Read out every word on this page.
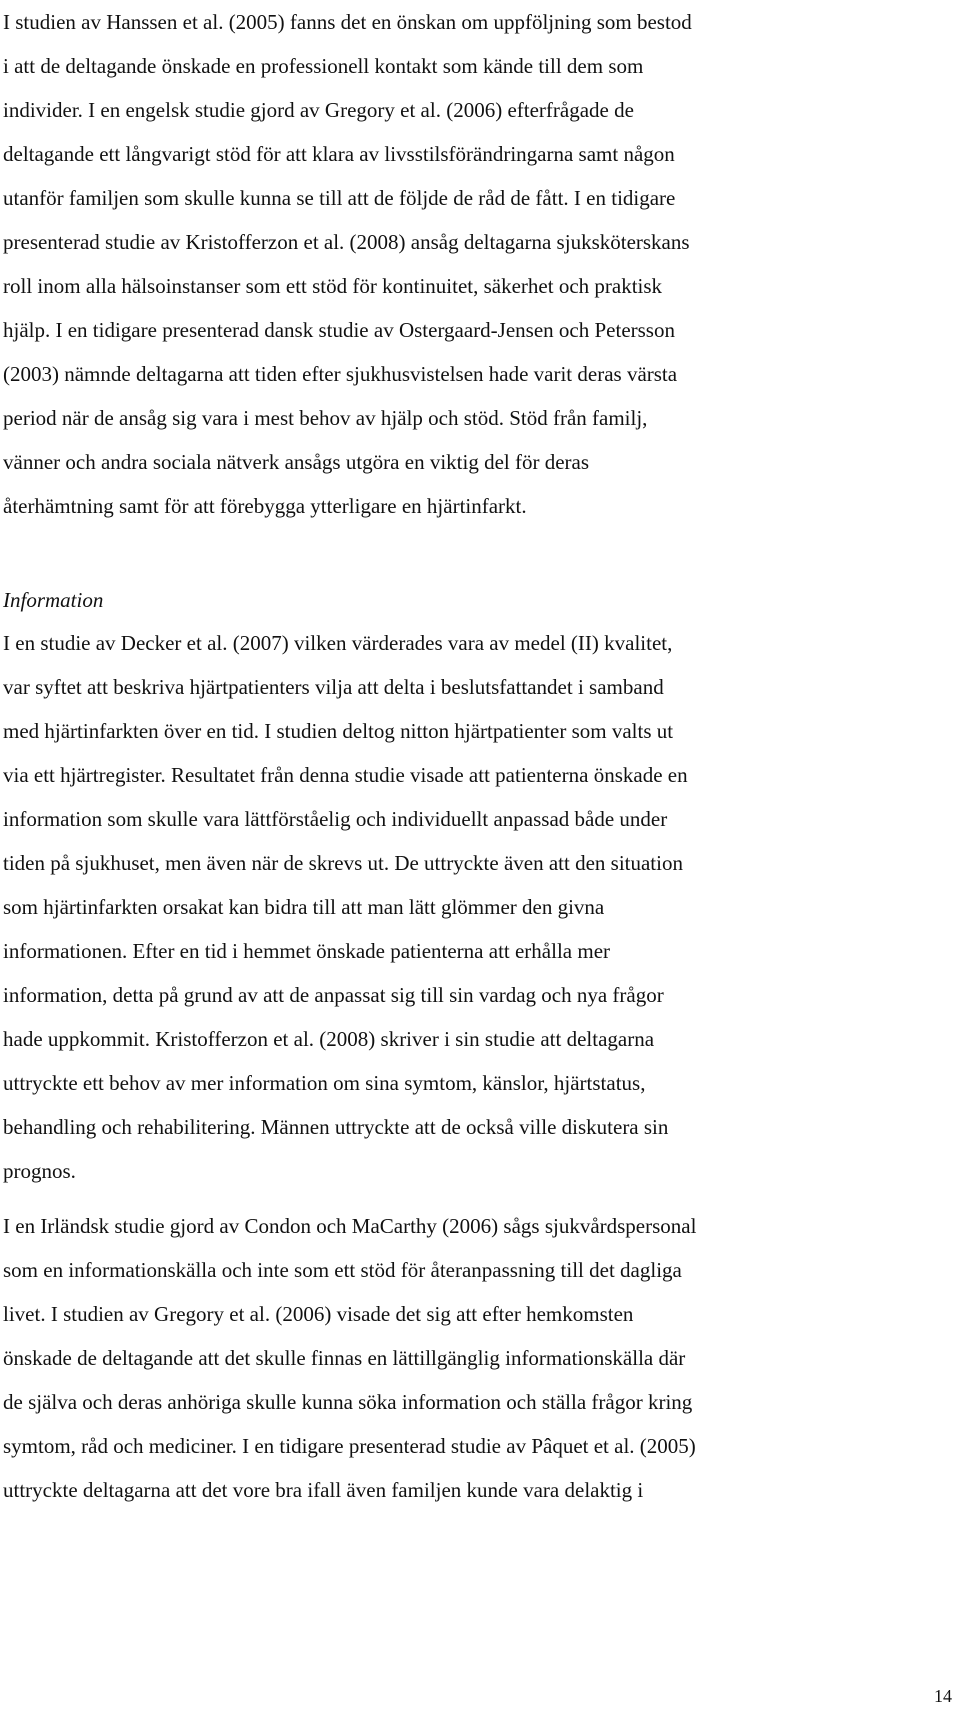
I studien av Hanssen et al. (2005) fanns det en önskan om uppföljning som bestod
i att de deltagande önskade en professionell kontakt som kände till dem som
individer. I en engelsk studie gjord av Gregory et al. (2006) efterfrågade de
deltagande ett långvarigt stöd för att klara av livsstilsförändringarna samt någon
utanför familjen som skulle kunna se till att de följde de råd de fått. I en tidigare
presenterad studie av Kristofferzon et al. (2008) ansåg deltagarna sjuksköterskans
roll inom alla hälsoinstanser som ett stöd för kontinuitet, säkerhet och praktisk
hjälp. I en tidigare presenterad dansk studie av Ostergaard-Jensen och Petersson
(2003) nämnde deltagarna att tiden efter sjukhusvistelsen hade varit deras värsta
period när de ansåg sig vara i mest behov av hjälp och stöd. Stöd från familj,
vänner och andra sociala nätverk ansågs utgöra en viktig del för deras
återhämtning samt för att förebygga ytterligare en hjärtinfarkt.
Information
I en studie av Decker et al. (2007) vilken värderades vara av medel (II) kvalitet,
var syftet att beskriva hjärtpatienters vilja att delta i beslutsfattandet i samband
med hjärtinfarkten över en tid. I studien deltog nitton hjärtpatienter som valts ut
via ett hjärtregister. Resultatet från denna studie visade att patienterna önskade en
information som skulle vara lättförståelig och individuellt anpassad både under
tiden på sjukhuset, men även när de skrevs ut. De uttryckte även att den situation
som hjärtinfarkten orsakat kan bidra till att man lätt glömmer den givna
informationen. Efter en tid i hemmet önskade patienterna att erhålla mer
information, detta på grund av att de anpassat sig till sin vardag och nya frågor
hade uppkommit. Kristofferzon et al. (2008) skriver i sin studie att deltagarna
uttryckte ett behov av mer information om sina symtom, känslor, hjärtstatus,
behandling och rehabilitering. Männen uttryckte att de också ville diskutera sin
prognos.
I en Irländsk studie gjord av Condon och MaCarthy (2006) sågs sjukvårdspersonal
som en informationskälla och inte som ett stöd för återanpassning till det dagliga
livet. I studien av Gregory et al. (2006) visade det sig att efter hemkomsten
önskade de deltagande att det skulle finnas en lättillgänglig informationskälla där
de själva och deras anhöriga skulle kunna söka information och ställa frågor kring
symtom, råd och mediciner. I en tidigare presenterad studie av Pâquet et al. (2005)
uttryckte deltagarna att det vore bra ifall även familjen kunde vara delaktig i
14
